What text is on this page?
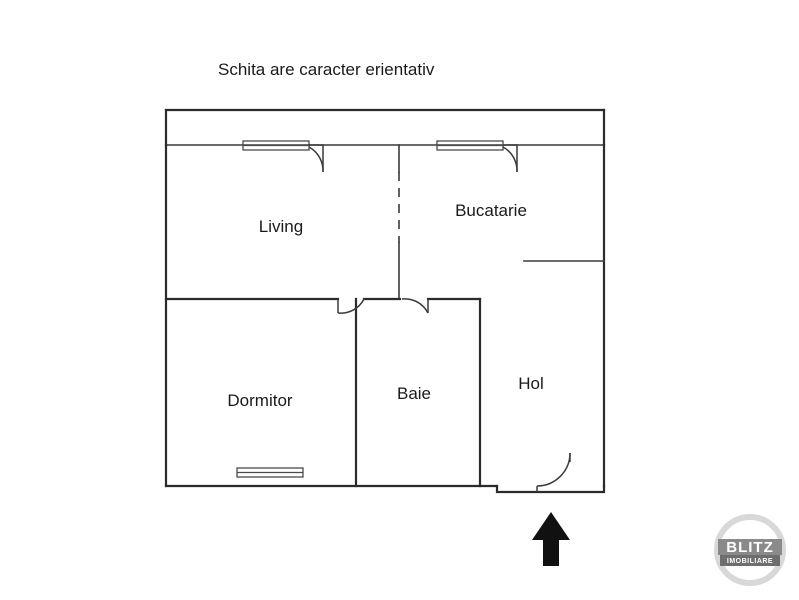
Schita are caracter erientativ
Living
Bucatarie
Dormitor	Baie
Hol
BLITZ
IMOBILIARE
